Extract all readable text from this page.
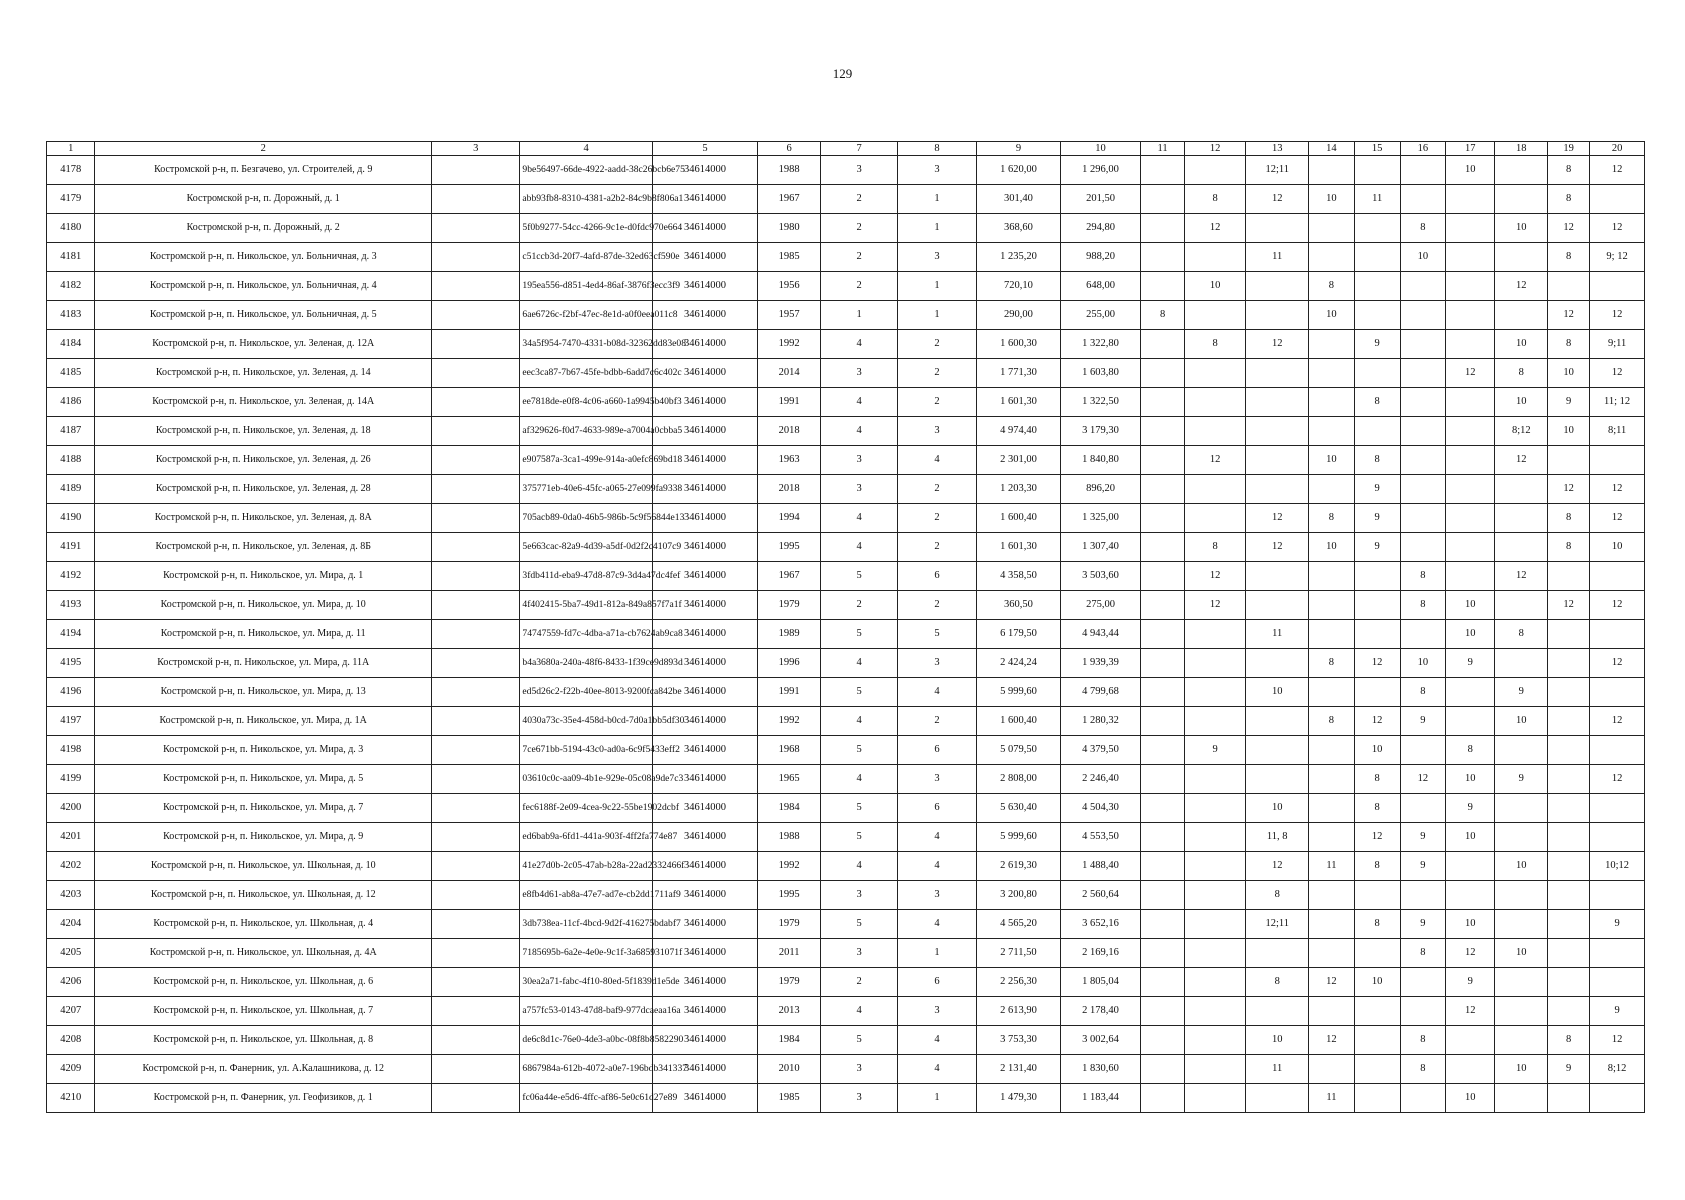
129
1	2	3	4	5	6	7	8	9	10	11	12	13	14	15	16	17	18	19	20
4178	Костромской р-н, п. Безгачево, ул. Строителей, д. 9		9be56497-66de-4922-aadd-38c26bcb6e75	34614000	1988	3	3	1 620,00	1 296,00			12;11				10		8	12
4179	Костромской р-н, п. Дорожный, д. 1		abb93fb8-8310-4381-a2b2-84c9b8f806a1	34614000	1967	2	1	301,40	201,50		8	12	10	11				8	
4180	Костромской р-н, п. Дорожный, д. 2		5f0b9277-54cc-4266-9c1e-d0fdc970e664	34614000	1980	2	1	368,60	294,80		12				8		10	12	12
4181	Костромской р-н, п. Никольское, ул. Больничная, д. 3		c51ccb3d-20f7-4afd-87de-32ed63cf590e	34614000	1985	2	3	1 235,20	988,20			11			10			8	9; 12
4182	Костромской р-н, п. Никольское, ул. Больничная, д. 4		195ea556-d851-4ed4-86af-3876f3ecc3f9	34614000	1956	2	1	720,10	648,00		10		8				12		
4183	Костромской р-н, п. Никольское, ул. Больничная, д. 5		6ae6726c-f2bf-47ec-8e1d-a0f0eea011c8	34614000	1957	1	1	290,00	255,00	8			10					12	12
4184	Костромской р-н, п. Никольское, ул. Зеленая, д. 12А		34a5f954-7470-4331-b08d-32362dd83e08	34614000	1992	4	2	1 600,30	1 322,80		8	12		9			10	8	9;11
4185	Костромской р-н, п. Никольское, ул. Зеленая, д. 14		eec3ca87-7b67-45fe-bdbb-6add7c6c402c	34614000	2014	3	2	1 771,30	1 603,80							12	8	10	12
4186	Костромской р-н, п. Никольское, ул. Зеленая, д. 14А		ee7818de-e0f8-4c06-a660-1a9945b40bf3	34614000	1991	4	2	1 601,30	1 322,50					8			10	9	11; 12
4187	Костромской р-н, п. Никольское, ул. Зеленая, д. 18		af329626-f0d7-4633-989e-a7004a0cbba5	34614000	2018	4	3	4 974,40	3 179,30								8;12	10	8;11
4188	Костромской р-н, п. Никольское, ул. Зеленая, д. 26		e907587a-3ca1-499e-914a-a0efc869bd18	34614000	1963	3	4	2 301,00	1 840,80		12		10	8			12		
4189	Костромской р-н, п. Никольское, ул. Зеленая, д. 28		375771eb-40e6-45fc-a065-27e099fa9338	34614000	2018	3	2	1 203,30	896,20					9				12	12
4190	Костромской р-н, п. Никольское, ул. Зеленая, д. 8А		705acb89-0da0-46b5-986b-5c9f56844e13	34614000	1994	4	2	1 600,40	1 325,00			12	8	9				8	12
4191	Костромской р-н, п. Никольское, ул. Зеленая, д. 8Б		5e663cac-82a9-4d39-a5df-0d2f2c4107c9	34614000	1995	4	2	1 601,30	1 307,40		8	12	10	9				8	10
4192	Костромской р-н, п. Никольское, ул. Мира, д. 1		3fdb411d-eba9-47d8-87c9-3d4a47dc4fef	34614000	1967	5	6	4 358,50	3 503,60		12				8		12		
4193	Костромской р-н, п. Никольское, ул. Мира, д. 10		4f402415-5ba7-49d1-812a-849a857f7a1f	34614000	1979	2	2	360,50	275,00		12				8	10		12	12
4194	Костромской р-н, п. Никольское, ул. Мира, д. 11		74747559-fd7c-4dba-a71a-cb7624ab9ca8	34614000	1989	5	5	6 179,50	4 943,44			11				10	8		
4195	Костромской р-н, п. Никольское, ул. Мира, д. 11А		b4a3680a-240a-48f6-8433-1f39ce9d893d	34614000	1996	4	3	2 424,24	1 939,39				8	12	10	9			12
4196	Костромской р-н, п. Никольское, ул. Мира, д. 13		ed5d26c2-f22b-40ee-8013-9200fca842be	34614000	1991	5	4	5 999,60	4 799,68			10			8		9		
4197	Костромской р-н, п. Никольское, ул. Мира, д. 1А		4030a73c-35e4-458d-b0cd-7d0a1bb5df30	34614000	1992	4	2	1 600,40	1 280,32				8	12	9		10		12
4198	Костромской р-н, п. Никольское, ул. Мира, д. 3		7ce671bb-5194-43c0-ad0a-6c9f5433eff2	34614000	1968	5	6	5 079,50	4 379,50		9			10		8			
4199	Костромской р-н, п. Никольское, ул. Мира, д. 5		03610c0c-aa09-4b1e-929e-05c08a9de7c3	34614000	1965	4	3	2 808,00	2 246,40					8	12	10	9		12
4200	Костромской р-н, п. Никольское, ул. Мира, д. 7		fec6188f-2e09-4cea-9c22-55be1902dcbf	34614000	1984	5	6	5 630,40	4 504,30			10		8		9			
4201	Костромской р-н, п. Никольское, ул. Мира, д. 9		ed6bab9a-6fd1-441a-903f-4ff2fa774e87	34614000	1988	5	4	5 999,60	4 553,50			11, 8		12	9	10			
4202	Костромской р-н, п. Никольское, ул. Школьная, д. 10		41e27d0b-2c05-47ab-b28a-22ad2332466f	34614000	1992	4	4	2 619,30	1 488,40			12	11	8	9		10		10;12
4203	Костромской р-н, п. Никольское, ул. Школьная, д. 12		e8fb4d61-ab8a-47e7-ad7e-cb2dd1711af9	34614000	1995	3	3	3 200,80	2 560,64			8							
4204	Костромской р-н, п. Никольское, ул. Школьная, д. 4		3db738ea-11cf-4bcd-9d2f-416275bdabf7	34614000	1979	5	4	4 565,20	3 652,16			12;11		8	9	10			9
4205	Костромской р-н, п. Никольское, ул. Школьная, д. 4А		7185695b-6a2e-4e0e-9c1f-3a685931071f	34614000	2011	3	1	2 711,50	2 169,16						8	12	10		
4206	Костромской р-н, п. Никольское, ул. Школьная, д. 6		30ea2a71-fabc-4f10-80ed-5f1839d1e5de	34614000	1979	2	6	2 256,30	1 805,04			8	12	10		9			
4207	Костромской р-н, п. Никольское, ул. Школьная, д. 7		a757fc53-0143-47d8-baf9-977dcaeaa16a	34614000	2013	4	3	2 613,90	2 178,40							12			9
4208	Костромской р-н, п. Никольское, ул. Школьная, д. 8		de6c8d1c-76e0-4de3-a0bc-08f8b8582290	34614000	1984	5	4	3 753,30	3 002,64			10	12		8			8	12
4209	Костромской р-н, п. Фанерник, ул. А.Калашникова, д. 12		6867984a-612b-4072-a0e7-196bdb341337	34614000	2010	3	4	2 131,40	1 830,60			11			8		10	9	8;12
4210	Костромской р-н, п. Фанерник, ул. Геофизиков, д. 1		fc06a44e-e5d6-4ffc-af86-5e0c61d27e89	34614000	1985	3	1	1 479,30	1 183,44				11			10			
